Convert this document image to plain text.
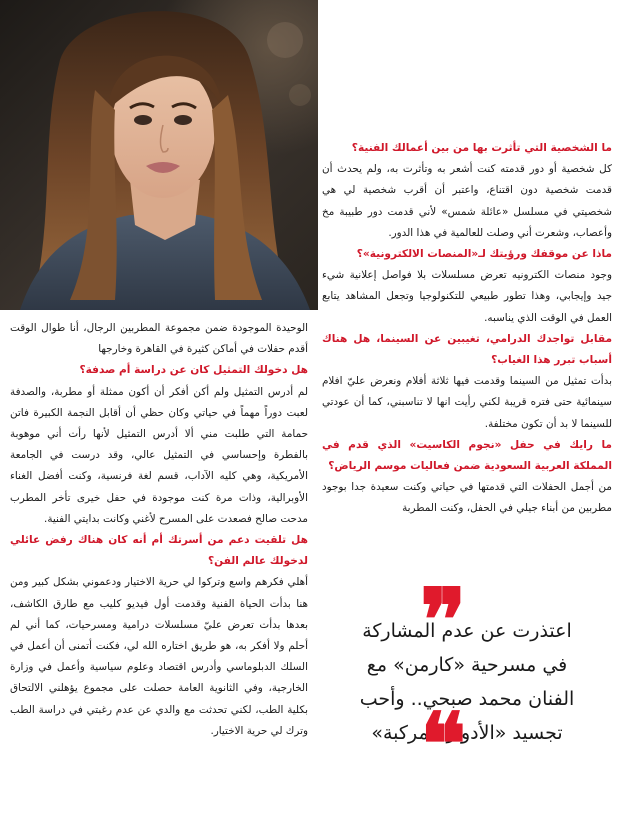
ما الشخصية التي تأثرت بها من بين أعمالك الفنية؟

كل شخصية أو دور قدمته كنت أشعر به وتأثرت به، ولم يحدث أن قدمت شخصية دون اقتناع، واعتبر أن أقرب شخصية لي هي شخصيتي في مسلسل «عائلة شمس» لأني قدمت دور طبيبة مخ وأعصاب، وشعرت أني وصلت للعالمية في هذا الدور.

ماذا عن موقفك ورؤيتك لـ«المنصات الالكترونية»؟

وجود منصات الكترونيه تعرض مسلسلات بلا فواصل إعلانية شيء جيد وإيجابي، وهذا تطور طبيعي للتكنولوجيا وتجعل المشاهد يتابع العمل في الوقت الذي يناسبه.

مقابل تواجدك الدرامي، تغيبين عن السينما، هل هناك أسباب تبرر هذا الغياب؟

بدأت تمثيل من السينما وقدمت فيها ثلاثة أفلام ونعرض عليّ افلام سينمائية حتى فتره قريبة لكني رأيت انها لا تناسبني، كما أن عودتي للسينما لا بد أن تكون مختلفة.

ما رايك في حفل «نجوم الكاسيت» الذي قدم في المملكة العربية السعودية ضمن فعاليات موسم الرياض؟

من أجمل الحفلات التي قدمتها في حياتي وكنت سعيدة جدا بوجود مطربين من أبناء جيلي في الحفل، وكنت المطربة

الوحيدة الموجودة ضمن مجموعة المطربين الرجال، أنا طوال الوقت أقدم حفلات في أماكن كثيرة في القاهرة وخارجها

هل دخولك التمثيل كان عن دراسة أم صدفة؟

لم أدرس التمثيل ولم أكن أفكر أن أكون ممثلة أو مطربة، والصدفة لعبت دوراً مهماً في حياتي وكان حظي أن أقابل النجمة الكبيرة فاتن حمامة التي طلبت مني ألا أدرس التمثيل لأنها رأت أني موهوبة بالفطرة وإحساسي في التمثيل عالي، وقد درست في الجامعة الأمريكية، وهي كليه الآداب، قسم لغة فرنسية، وكنت أفضل الغناء الأوبرالية، وذات مرة كنت موجودة في حفل خيرى تأخر المطرب مدحت صالح فصعدت على المسرح لأغني وكانت بدايتي الفنية.

هل تلقيت دعم من أسرتك أم أنه كان هناك رفض عائلي لدخولك عالم الفن؟

أهلي فكرهم واسع وتركوا لي حرية الاختيار ودعموني بشكل كبير ومن هنا بدأت الحياة الفنية وقدمت أول فيديو كليب مع طارق الكاشف، بعدها بدأت تعرض عليّ مسلسلات درامية ومسرحيات، كما أني لم أحلم ولا أفكر به، هو طريق اختاره الله لي، فكنت أتمنى أن أعمل في السلك الدبلوماسي وأدرس اقتصاد وعلوم سياسية وأعمل في وزارة الخارجية، وفي الثانوية العامة حصلت على مجموع يؤهلني الالتحاق بكلية الطب، لكني تحدثت مع والدي عن عدم رغبتي في دراسة الطب وترك لي حرية الاختيار.

❞

اعتذرت عن عدم المشاركة

في مسرحية «كارمن» مع

الفنان محمد صبحي.. وأحب

تجسيد «الأدوار المركبة»

❝
